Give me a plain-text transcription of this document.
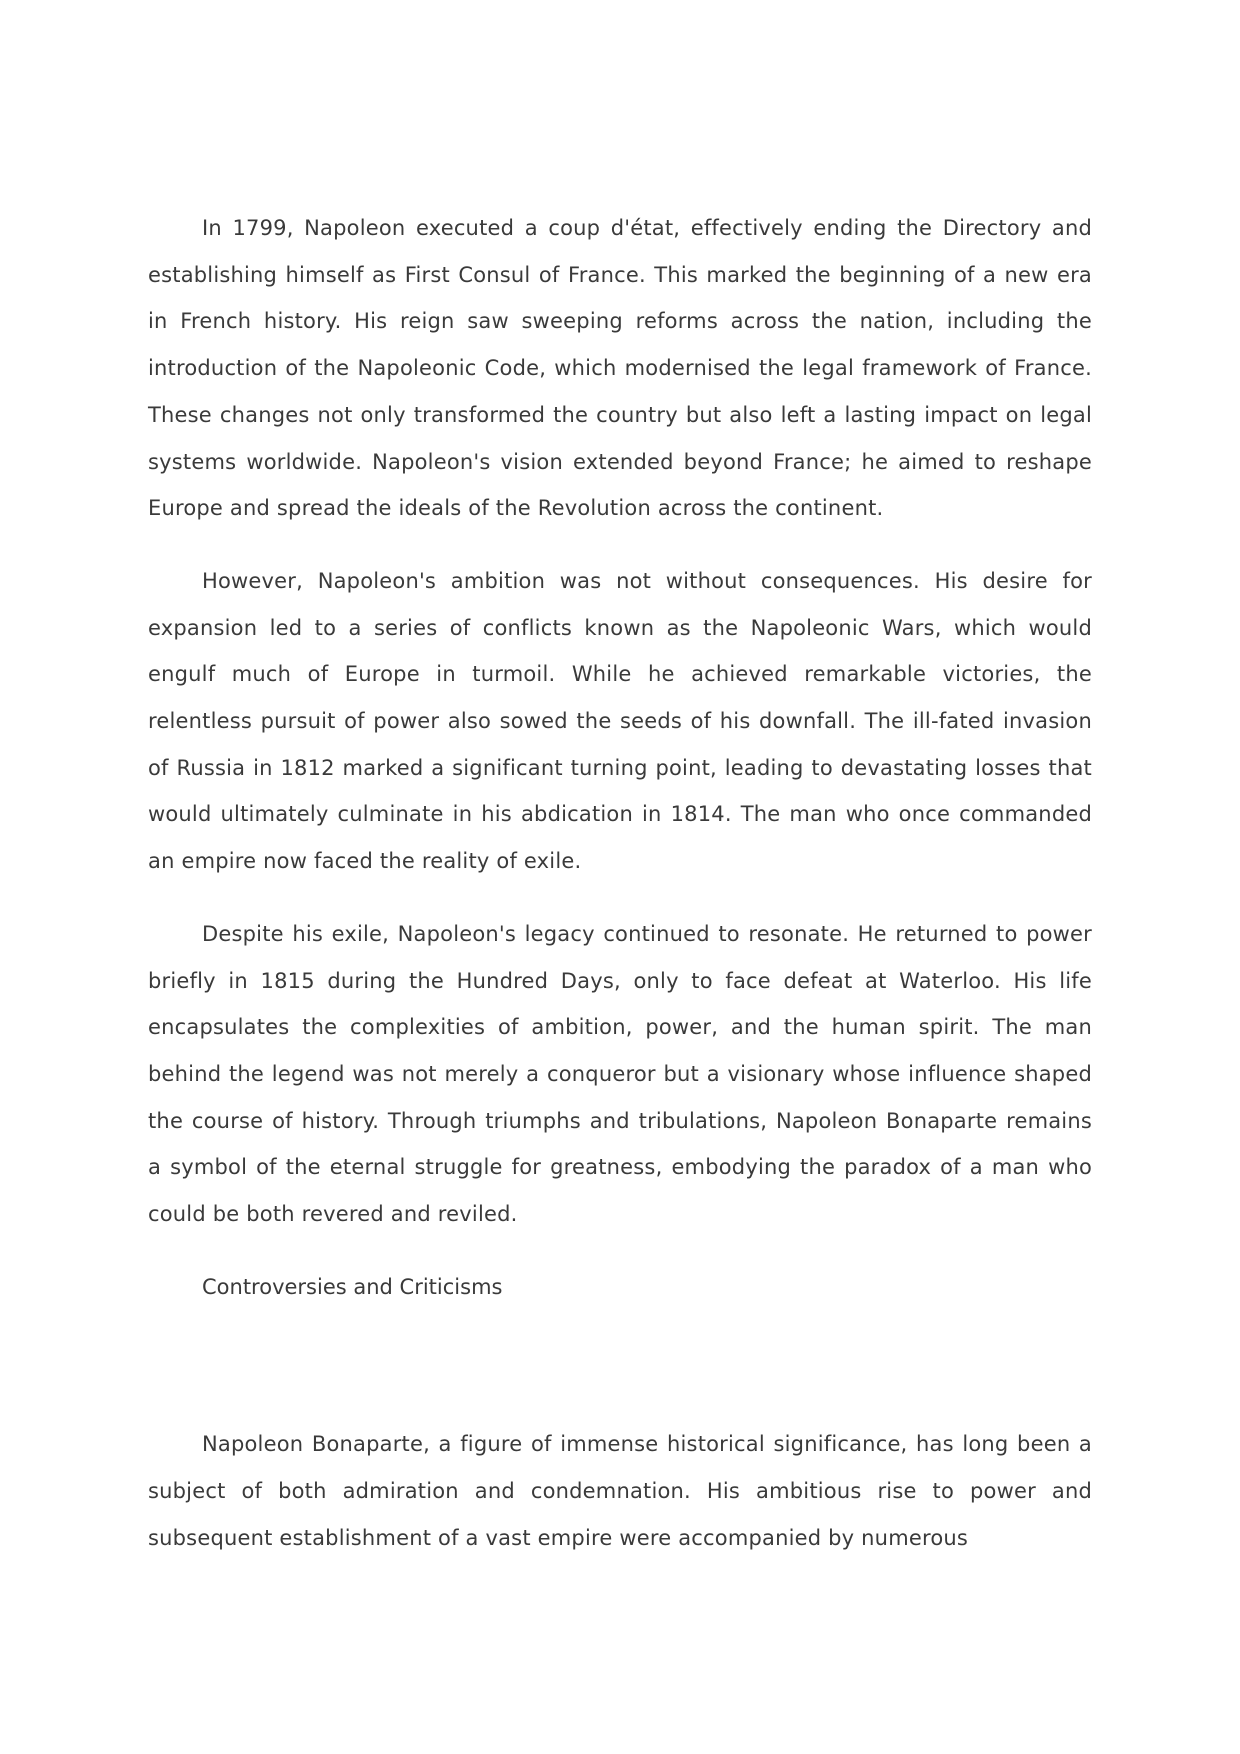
In 1799, Napoleon executed a coup d'état, effectively ending the Directory and establishing himself as First Consul of France. This marked the beginning of a new era in French history. His reign saw sweeping reforms across the nation, including the introduction of the Napoleonic Code, which modernised the legal framework of France. These changes not only transformed the country but also left a lasting impact on legal systems worldwide. Napoleon's vision extended beyond France; he aimed to reshape Europe and spread the ideals of the Revolution across the continent.

However, Napoleon's ambition was not without consequences. His desire for expansion led to a series of conflicts known as the Napoleonic Wars, which would engulf much of Europe in turmoil. While he achieved remarkable victories, the relentless pursuit of power also sowed the seeds of his downfall. The ill-fated invasion of Russia in 1812 marked a significant turning point, leading to devastating losses that would ultimately culminate in his abdication in 1814. The man who once commanded an empire now faced the reality of exile.

Despite his exile, Napoleon's legacy continued to resonate. He returned to power briefly in 1815 during the Hundred Days, only to face defeat at Waterloo. His life encapsulates the complexities of ambition, power, and the human spirit. The man behind the legend was not merely a conqueror but a visionary whose influence shaped the course of history. Through triumphs and tribulations, Napoleon Bonaparte remains a symbol of the eternal struggle for greatness, embodying the paradox of a man who could be both revered and reviled.

Controversies and Criticisms

Napoleon Bonaparte, a figure of immense historical significance, has long been a subject of both admiration and condemnation. His ambitious rise to power and subsequent establishment of a vast empire were accompanied by numerous
